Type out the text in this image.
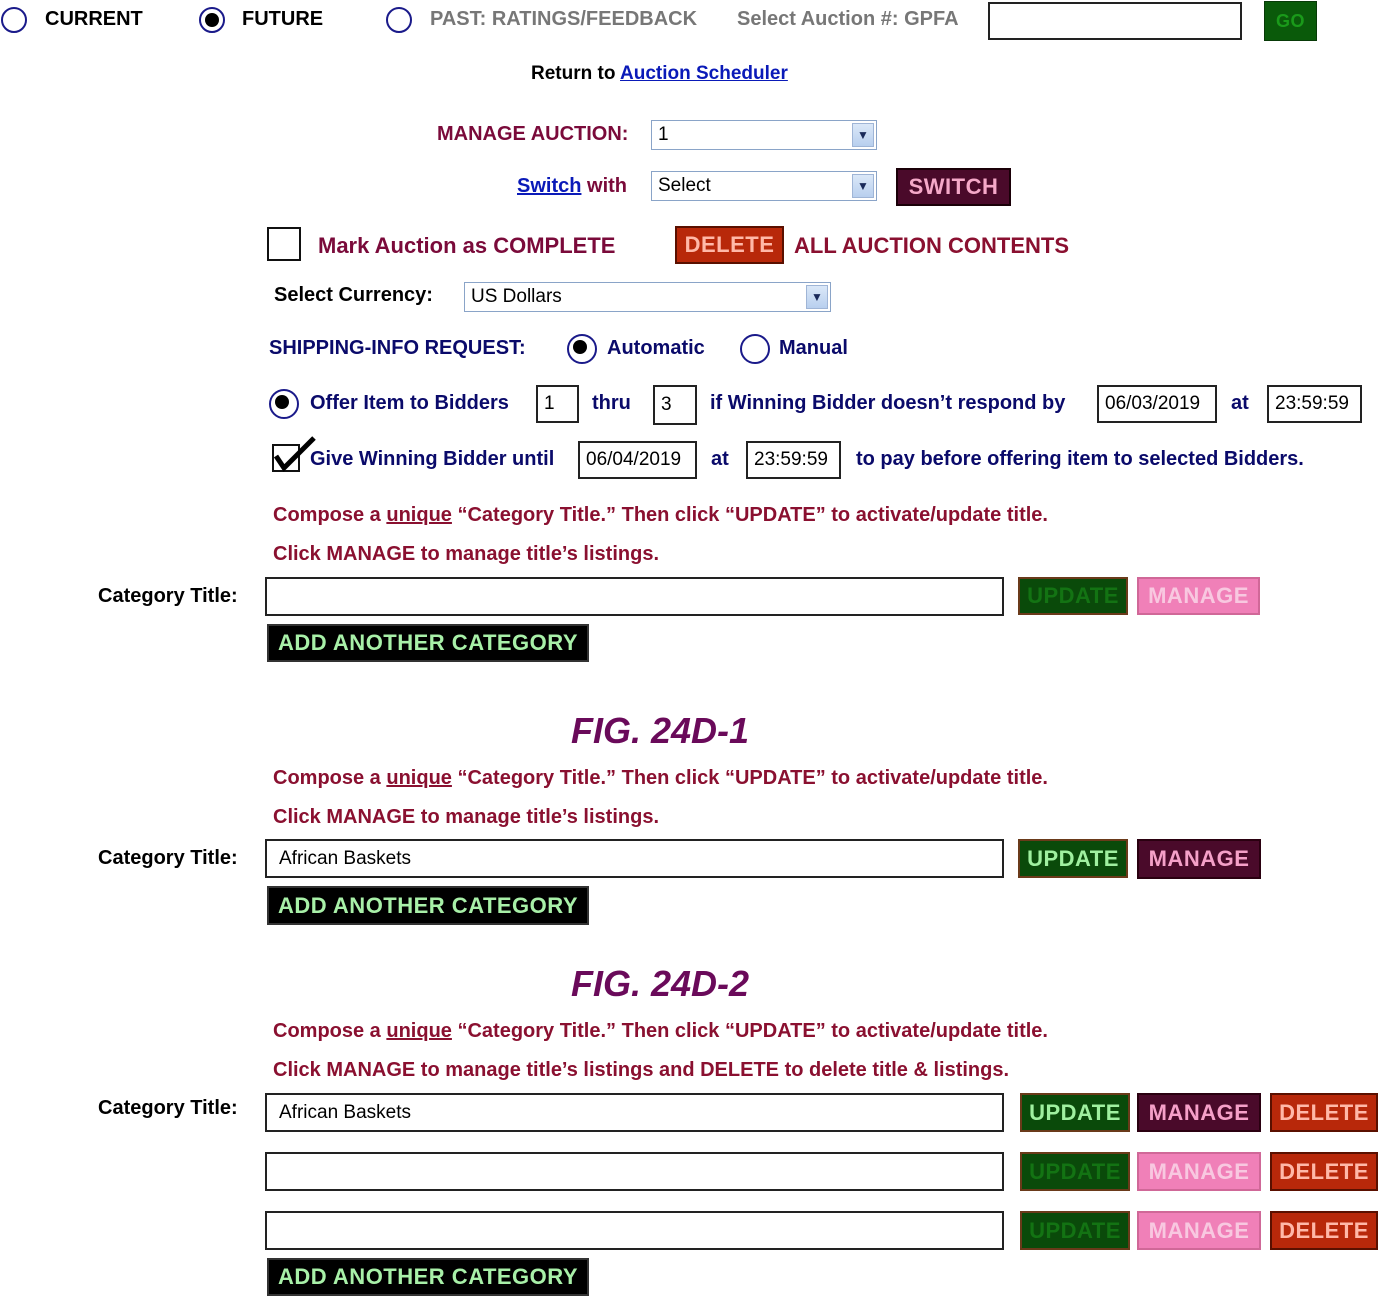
CURRENT	FUTURE	PAST: RATINGS/FEEDBACK Select Auction #: GPFA	GO
Return to Auction Scheduler
MANAGE AUCTION: 1	▼
Switch with Select	▼	SWITCH
Mark Auction as COMPLETE	DELETE ALL AUCTION CONTENTS
Select Currency: US Dollars	▼
SHIPPING-INFO REQUEST:	Automatic	Manual
Offer Item to Bidders	1	thru	3	if Winning Bidder doesn’t respond by	06/03/2019	at	23:59:59
Give Winning Bidder until	06/04/2019	at	23:59:59	to pay before offering item to selected Bidders.
Compose a unique “Category Title.” Then click “UPDATE” to activate/update title.
Click MANAGE to manage title’s listings.
Category Title:	UPDATE	MANAGE
ADD ANOTHER CATEGORY
FIG. 24D-1
Compose a unique “Category Title.” Then click “UPDATE” to activate/update title.
Click MANAGE to manage title’s listings.
Category Title:	African Baskets	UPDATE	MANAGE
ADD ANOTHER CATEGORY
FIG. 24D-2
Compose a unique “Category Title.” Then click “UPDATE” to activate/update title.
Click MANAGE to manage title’s listings and DELETE to delete title & listings.
Category Title:	African Baskets	UPDATE	MANAGE	DELETE
UPDATE	MANAGE	DELETE
UPDATE	MANAGE	DELETE
ADD ANOTHER CATEGORY
